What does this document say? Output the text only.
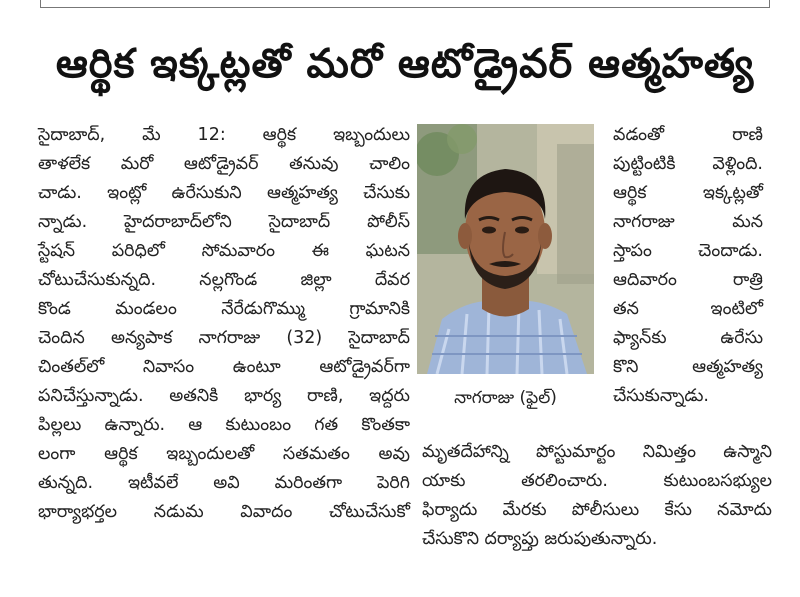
ఆర్థిక ఇక్కట్లతో మరో ఆటోడ్రైవర్ ఆత్మహత్య
సైదాబాద్, మే 12: ఆర్థిక ఇబ్బందులు
తాళలేక మరో ఆటోడ్రైవర్ తనువు చాలిం
చాడు. ఇంట్లో ఉరేసుకుని ఆత్మహత్య చేసుకు
న్నాడు. హైదరాబాద్‌లోని సైదాబాద్ పోలీస్
స్టేషన్ పరిధిలో సోమవారం ఈ ఘటన
చోటుచేసుకున్నది. నల్లగొండ జిల్లా దేవర
కొండ మండలం నేరేడుగొమ్ము గ్రామానికి
చెందిన అన్యపాక నాగరాజు (32) సైదాబాద్
చింతల్‌లో నివాసం ఉంటూ ఆటోడ్రైవర్‌గా
పనిచేస్తున్నాడు. అతనికి భార్య రాణి, ఇద్దరు
పిల్లలు ఉన్నారు. ఆ కుటుంబం గత కొంతకా
లంగా ఆర్థిక ఇబ్బందులతో సతమతం అవు
తున్నది. ఇటీవలే అవి మరింతగా పెరిగి
భార్యాభర్తల నడుమ వివాదం చోటుచేసుకో
నాగరాజు (ఫైల్)
వడంతో రాణి
పుట్టింటికి వెళ్లింది.
ఆర్థిక ఇక్కట్లతో
నాగరాజు మన
స్తాపం చెందాడు.
ఆదివారం రాత్రి
తన ఇంటిలో
ఫ్యాన్‌కు ఉరేసు
కొని ఆత్మహత్య
చేసుకున్నాడు.
మృతదేహాన్ని పోస్టుమార్టం నిమిత్తం ఉస్మాని
యాకు తరలించారు. కుటుంబసభ్యుల
ఫిర్యాదు మేరకు పోలీసులు కేసు నమోదు
చేసుకొని దర్యాప్తు జరుపుతున్నారు.
